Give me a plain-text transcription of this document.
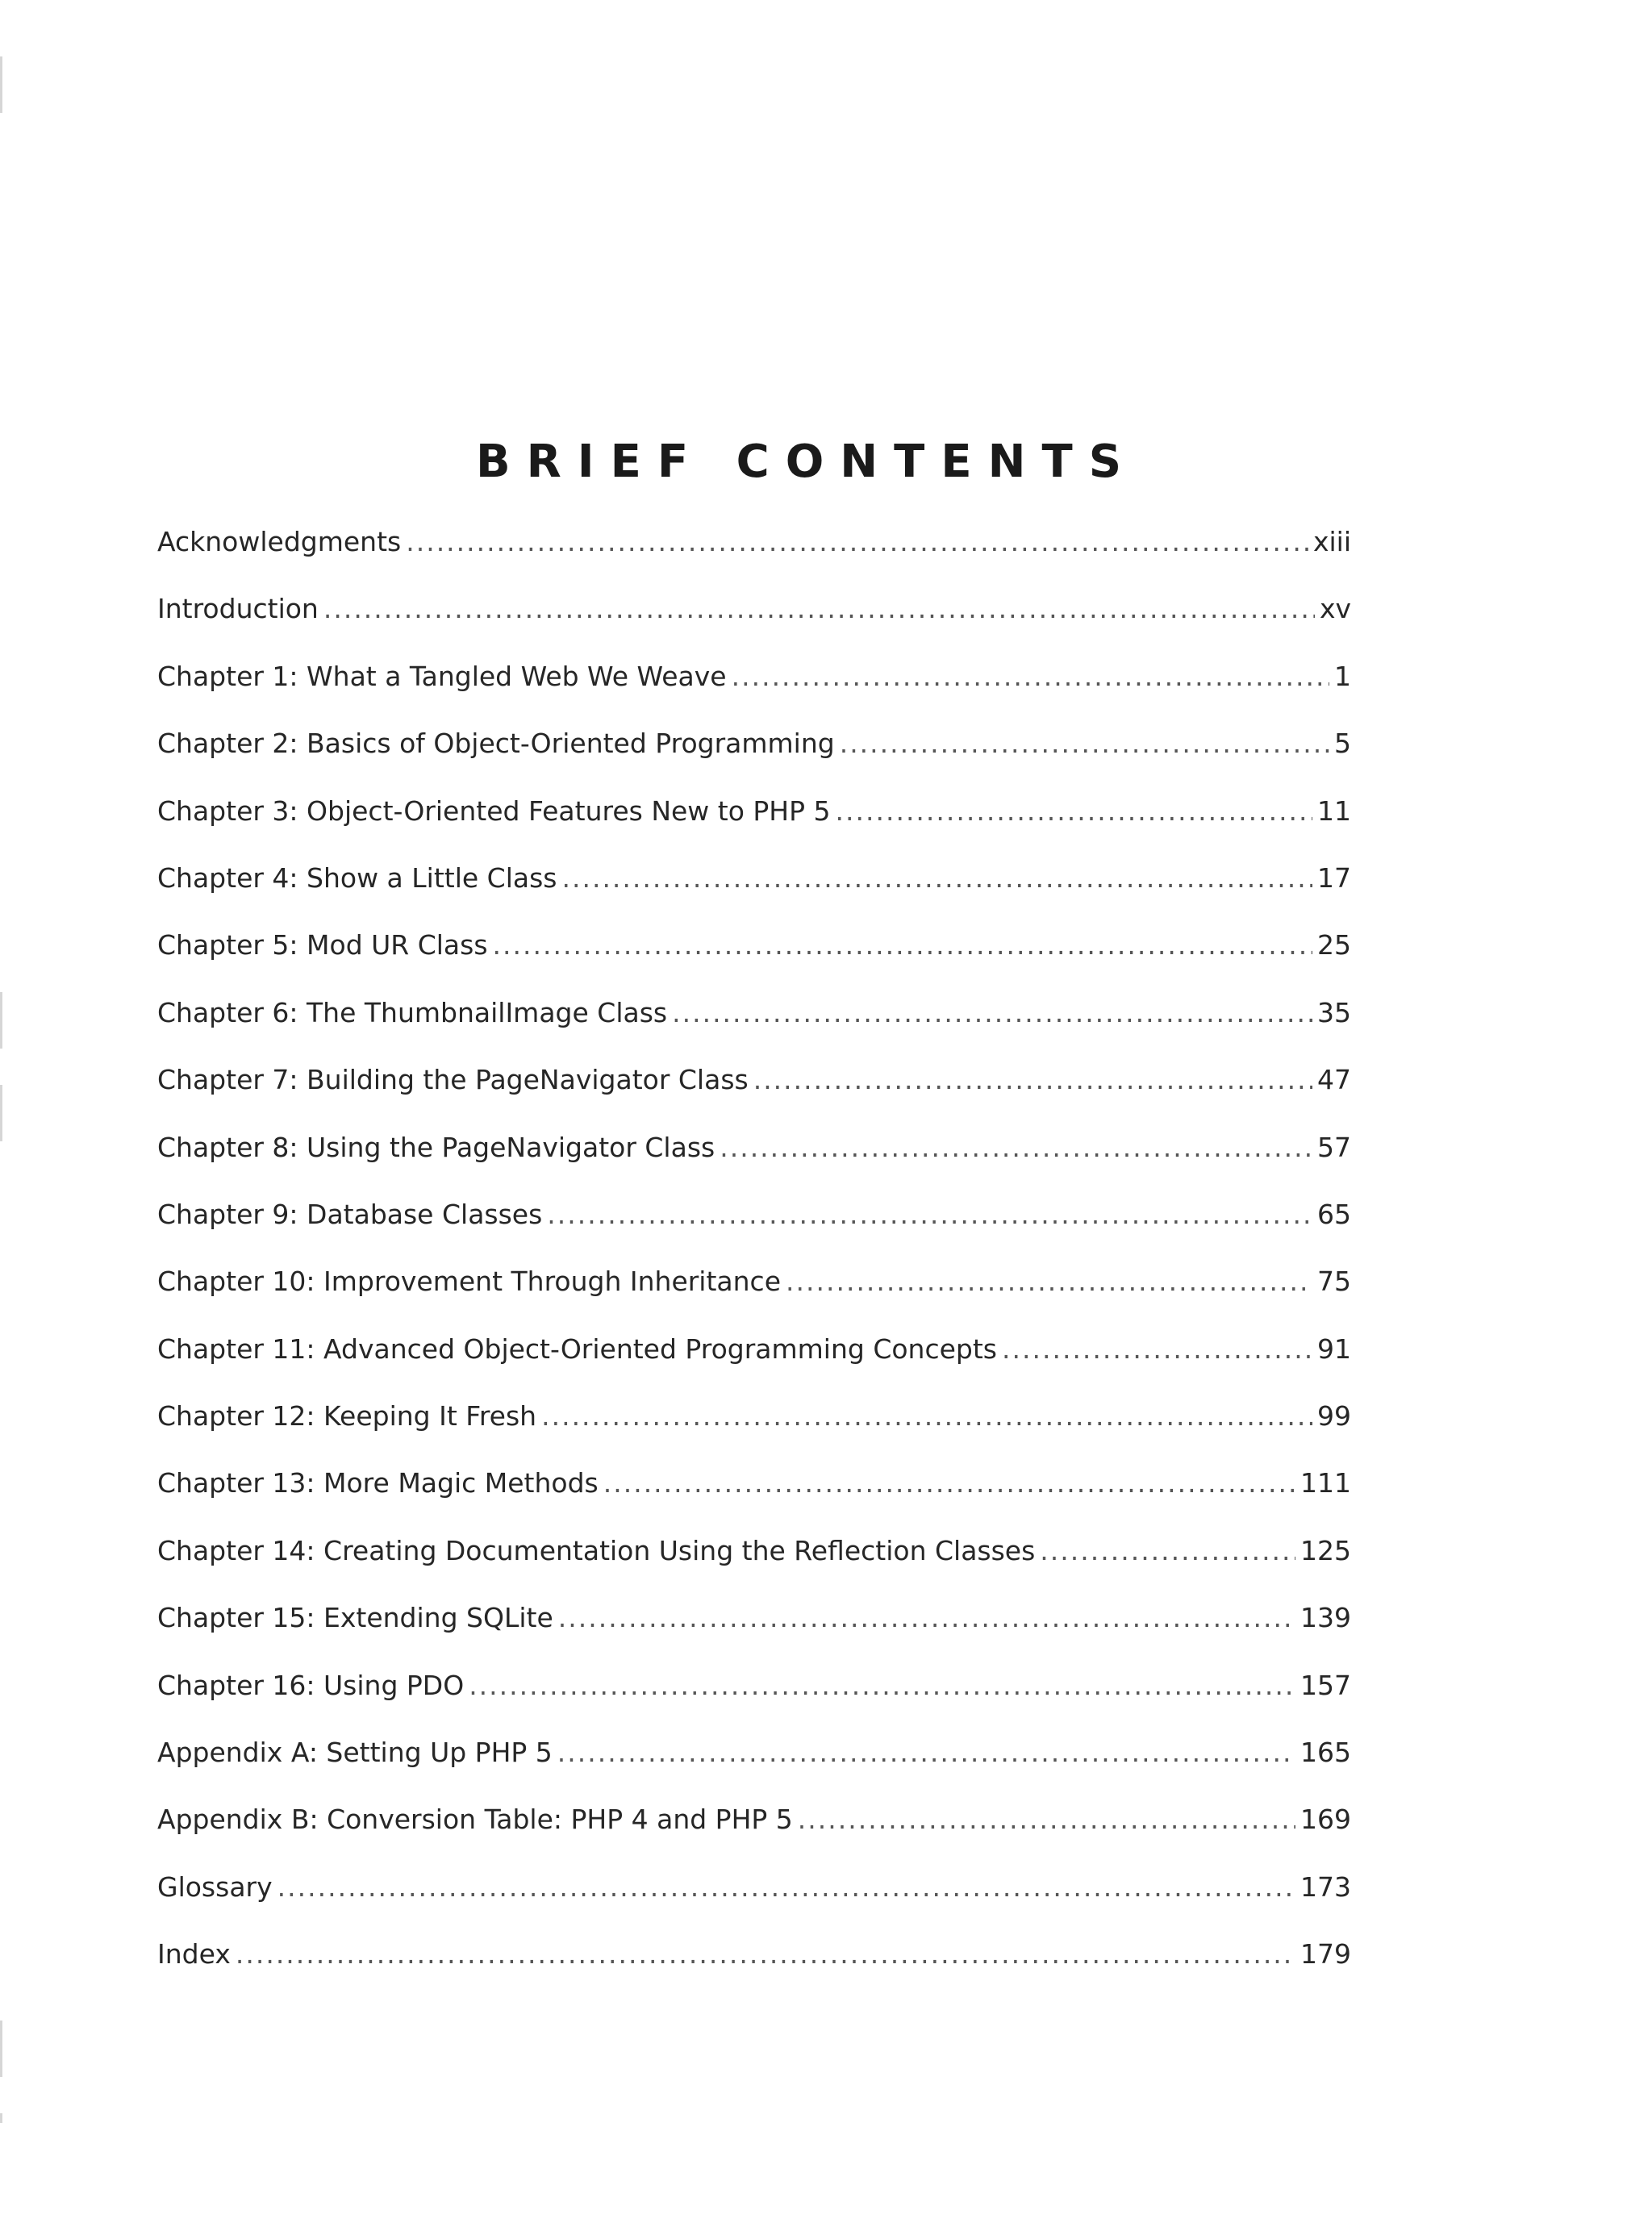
BRIEF CONTENTS
Acknowledgments .....	xiii
Introduction .....	xv
Chapter 1: What a Tangled Web We Weave .....	1
Chapter 2: Basics of Object-Oriented Programming .....	5
Chapter 3: Object-Oriented Features New to PHP 5 .....	11
Chapter 4: Show a Little Class .....	17
Chapter 5: Mod UR Class .....	25
Chapter 6: The ThumbnailImage Class .....	35
Chapter 7: Building the PageNavigator Class .....	47
Chapter 8: Using the PageNavigator Class .....	57
Chapter 9: Database Classes .....	65
Chapter 10: Improvement Through Inheritance .....	75
Chapter 11: Advanced Object-Oriented Programming Concepts .....	91
Chapter 12: Keeping It Fresh .....	99
Chapter 13: More Magic Methods .....	111
Chapter 14: Creating Documentation Using the Reflection Classes .....	125
Chapter 15: Extending SQLite .....	139
Chapter 16: Using PDO .....	157
Appendix A: Setting Up PHP 5 .....	165
Appendix B: Conversion Table: PHP 4 and PHP 5 .....	169
Glossary .....	173
Index .....	179
